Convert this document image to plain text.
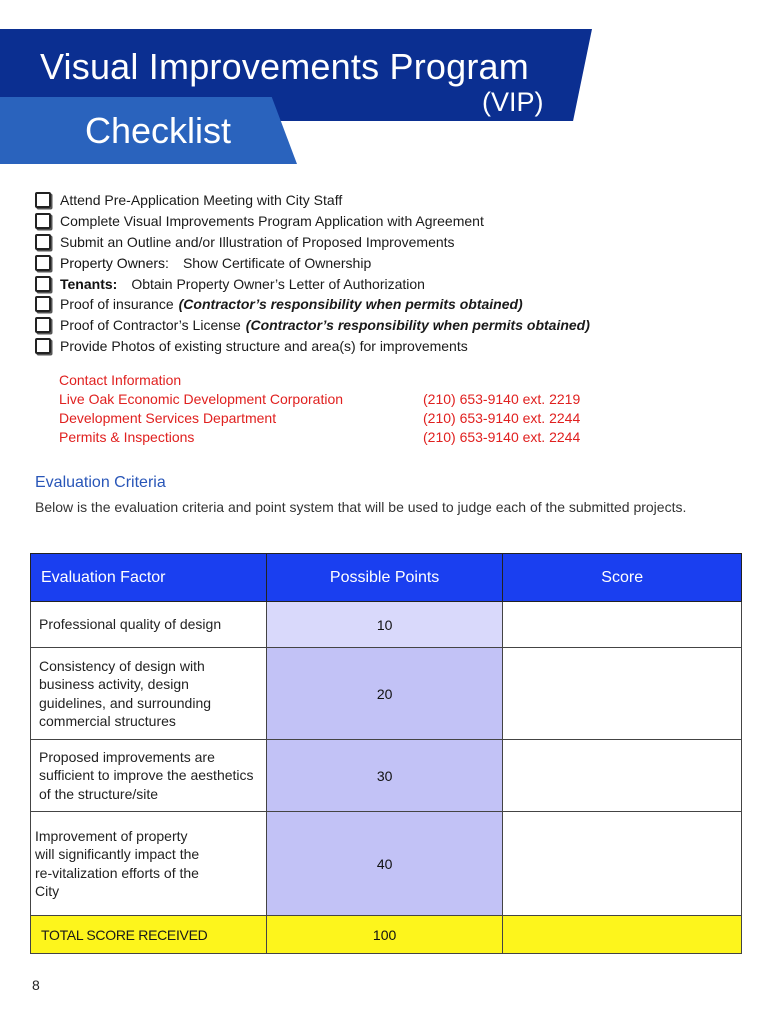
Visual Improvements Program
(VIP)
Checklist
Attend Pre-Application Meeting with City Staff
Complete Visual Improvements Program Application with Agreement
Submit an Outline and/or Illustration of Proposed Improvements
Property Owners: Show Certificate of Ownership
Tenants: Obtain Property Owner’s Letter of Authorization
Proof of insurance (Contractor’s responsibility when permits obtained)
Proof of Contractor’s License (Contractor’s responsibility when permits obtained)
Provide Photos of existing structure and area(s) for improvements
Contact Information
Live Oak Economic Development Corporation	(210) 653-9140 ext. 2219
Development Services Department	(210) 653-9140 ext. 2244
Permits & Inspections	(210) 653-9140 ext. 2244
Evaluation Criteria
Below is the evaluation criteria and point system that will be used to judge each of the submitted projects.
Evaluation Factor	Possible Points	Score
Professional quality of design	10	
Consistency of design with business activity, design guidelines, and surrounding commercial structures	20	
Proposed improvements are sufficient to improve the aesthetics of the structure/site	30	
Improvement of property will significantly impact the re-vitalization efforts of the City	40	
TOTAL SCORE RECEIVED	100	
8
